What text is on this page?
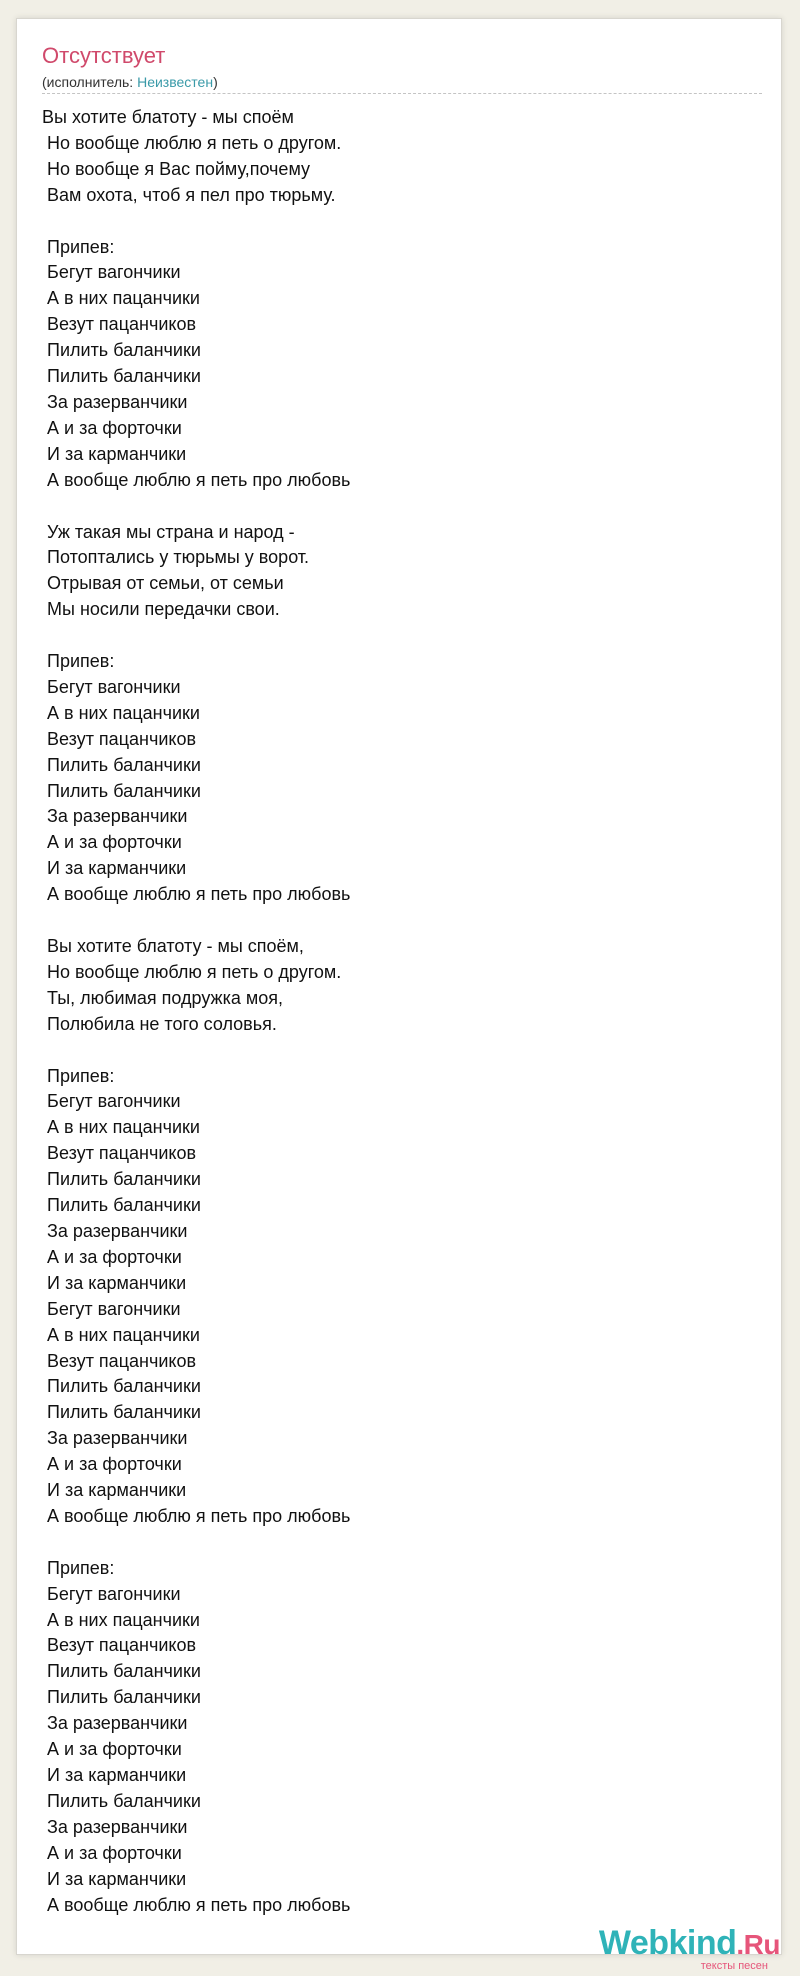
Отсутствует
(исполнитель: Неизвестен)
Вы хотите блатоту - мы споём
Но вообще люблю я петь о другом.
Но вообще я Вас пойму,почему
Вам охота, чтоб я пел про тюрьму.

Припев:
Бегут вагончики
А в них пацанчики
Везут пацанчиков
Пилить баланчики
Пилить баланчики
За разерванчики
А и за форточки
И за карманчики
А вообще люблю я петь про любовь

Уж такая мы страна и народ -
Потоптались у тюрьмы у ворот.
Отрывая от семьи, от семьи
Мы носили передачки свои.

Припев:
Бегут вагончики
А в них пацанчики
Везут пацанчиков
Пилить баланчики
Пилить баланчики
За разерванчики
А и за форточки
И за карманчики
А вообще люблю я петь про любовь

Вы хотите блатоту - мы споём,
Но вообще люблю я петь о другом.
Ты, любимая подружка моя,
Полюбила не того соловья.

Припев:
Бегут вагончики
А в них пацанчики
Везут пацанчиков
Пилить баланчики
Пилить баланчики
За разерванчики
А и за форточки
И за карманчики
Бегут вагончики
А в них пацанчики
Везут пацанчиков
Пилить баланчики
Пилить баланчики
За разерванчики
А и за форточки
И за карманчики
А вообще люблю я петь про любовь

Припев:
Бегут вагончики
А в них пацанчики
Везут пацанчиков
Пилить баланчики
Пилить баланчики
За разерванчики
А и за форточки
И за карманчики
Пилить баланчики
За разерванчики
А и за форточки
И за карманчики
А вообще люблю я петь про любовь
Webkind.Ru
тексты песен
